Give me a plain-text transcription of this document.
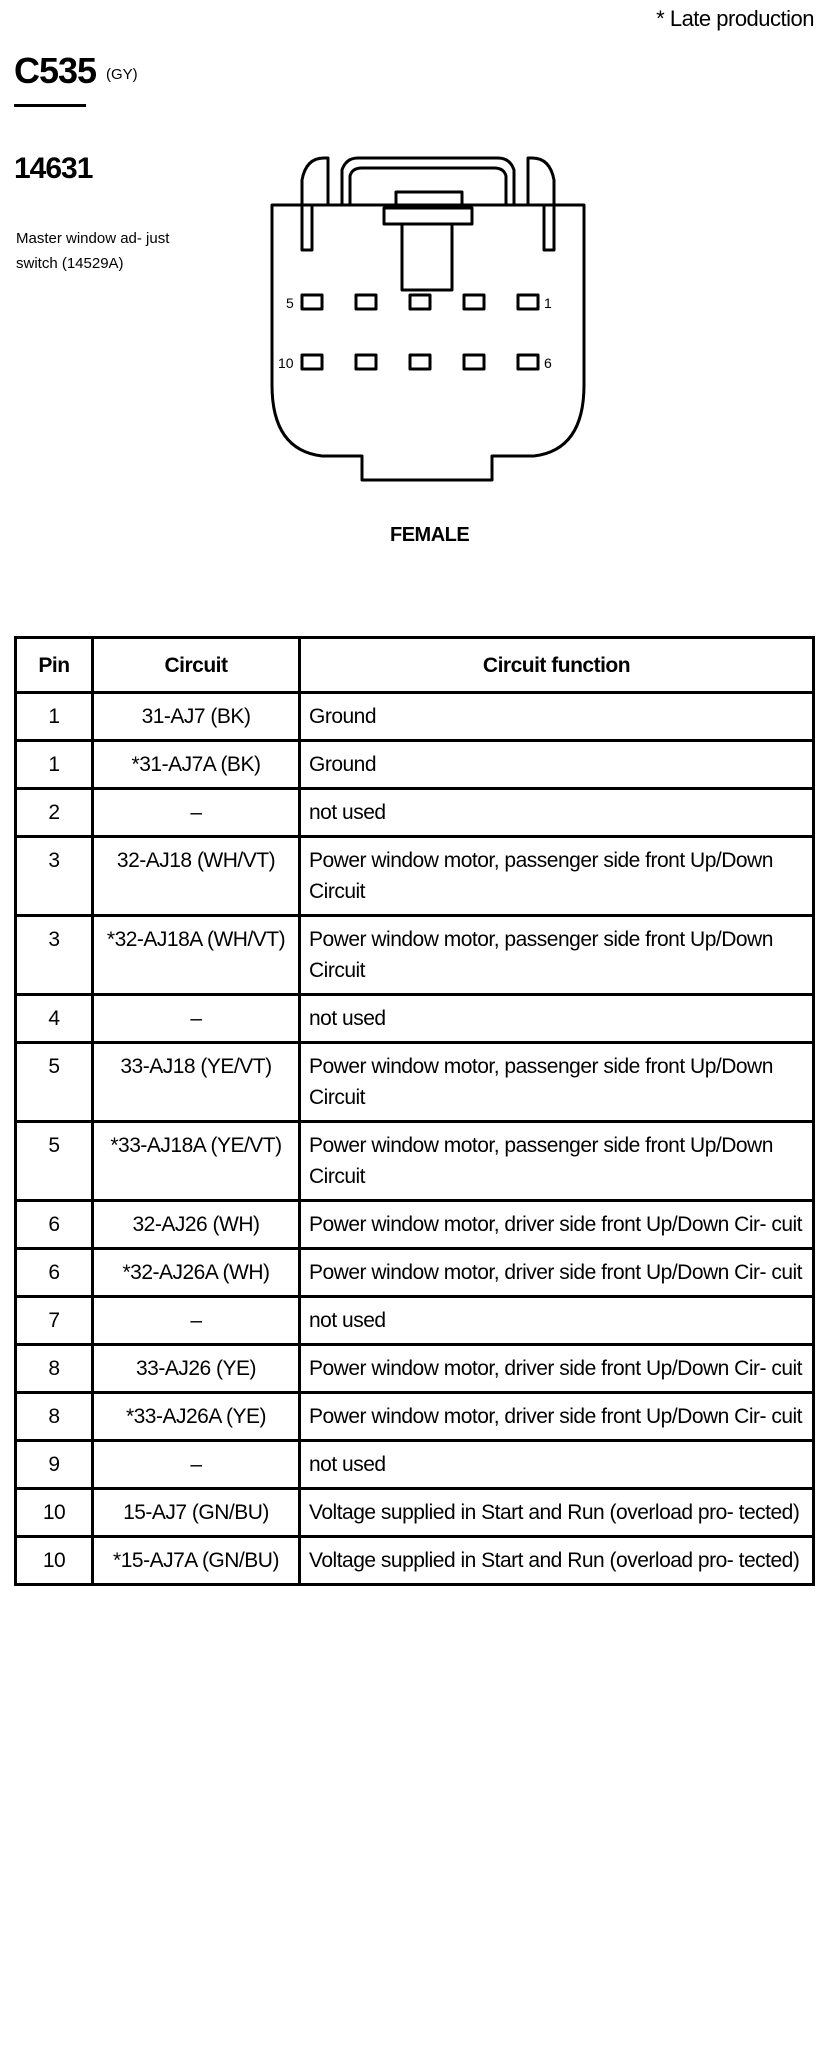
* Late production
C535 (GY)
14631
Master window ad- just switch (14529A)
5	1
10	6
FEMALE
Pin	Circuit	Circuit function
1	31-AJ7 (BK)	Ground
1	*31-AJ7A (BK)	Ground
2	–	not used
3	32-AJ18 (WH/VT)	Power window motor, passenger side front Up/Down Circuit
3	*32-AJ18A (WH/VT)	Power window motor, passenger side front Up/Down Circuit
4	–	not used
5	33-AJ18 (YE/VT)	Power window motor, passenger side front Up/Down Circuit
5	*33-AJ18A (YE/VT)	Power window motor, passenger side front Up/Down Circuit
6	32-AJ26 (WH)	Power window motor, driver side front Up/Down Cir- cuit
6	*32-AJ26A (WH)	Power window motor, driver side front Up/Down Cir- cuit
7	–	not used
8	33-AJ26 (YE)	Power window motor, driver side front Up/Down Cir- cuit
8	*33-AJ26A (YE)	Power window motor, driver side front Up/Down Cir- cuit
9	–	not used
10	15-AJ7 (GN/BU)	Voltage supplied in Start and Run (overload pro- tected)
10	*15-AJ7A (GN/BU)	Voltage supplied in Start and Run (overload pro- tected)
